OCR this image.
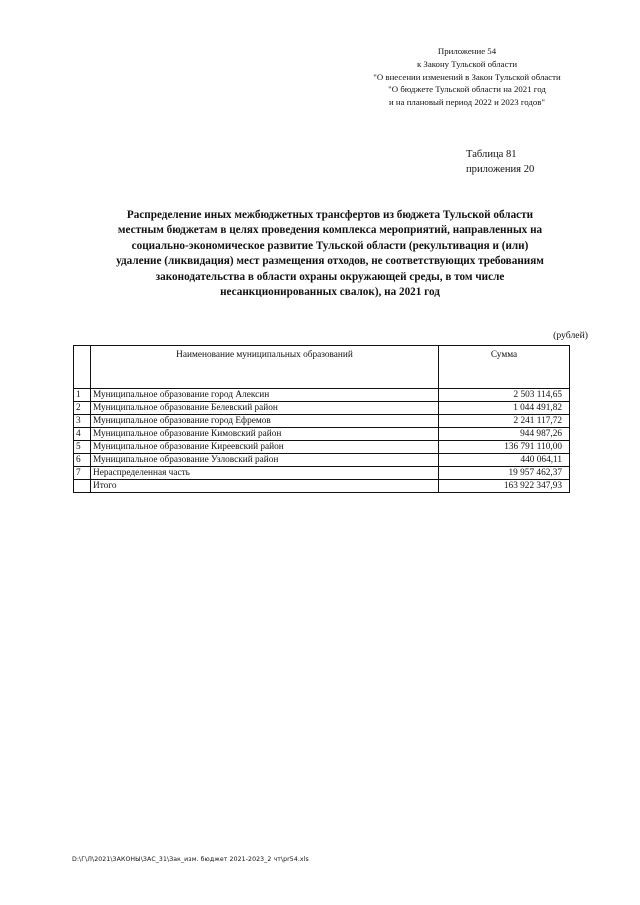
Приложение 54
к Закону Тульской области
"О внесении изменений в Закон Тульской области
"О бюджете Тульской области на 2021 год
и на плановый период 2022 и 2023 годов"
Таблица 81
приложения 20
Распределение иных межбюджетных трансфертов из бюджета Тульской области
местным бюджетам в целях проведения комплекса мероприятий, направленных на
социально-экономическое развитие Тульской области (рекультивация и (или)
удаление (ликвидация) мест размещения отходов, не соответствующих требованиям
законодательства в области охраны окружающей среды, в том числе
несанкционированных свалок), на 2021 год
(рублей)
	Наименование муниципальных образований	Сумма
1	Муниципальное образование город Алексин	2 503 114,65
2	Муниципальное образование Белевский район	1 044 491,82
3	Муниципальное образование город Ефремов	2 241 117,72
4	Муниципальное образование Кимовский район	944 987,26
5	Муниципальное образование Киреевский район	136 791 110,00
6	Муниципальное образование Узловский район	440 064,11
7	Нераспределенная часть	19 957 462,37
	Итого	163 922 347,93
D:\Г\Л\2021\ЗАКОНЫ\ЗАС_31\Зак_изм. бюджет 2021-2023_2 чт\pr54.xls
